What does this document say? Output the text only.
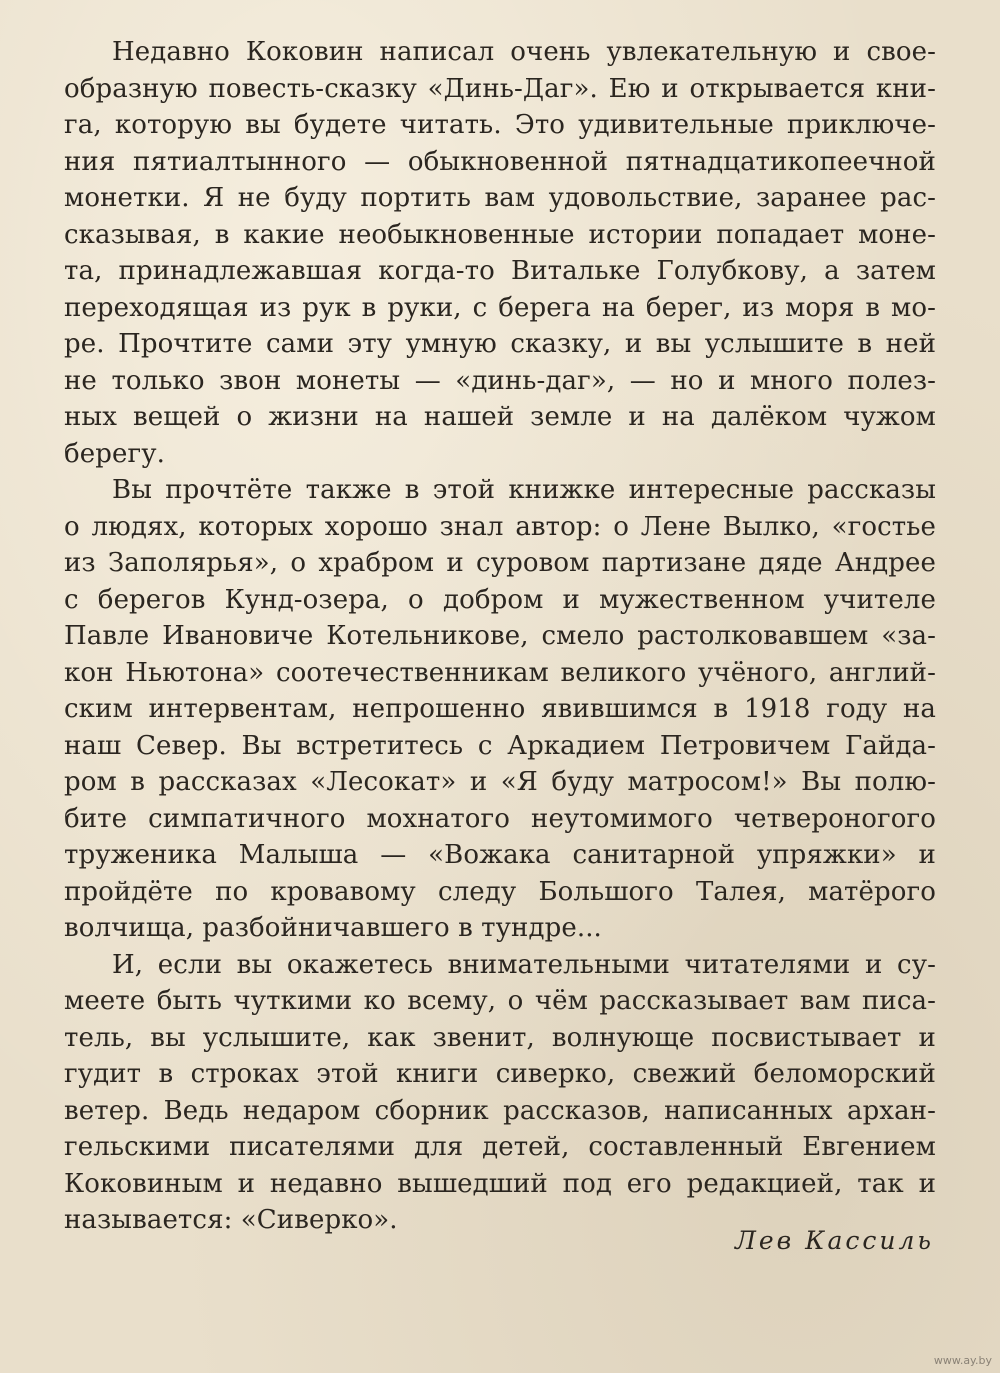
Недавно Коковин написал очень увлекательную и свое-
образную повесть-сказку «Динь-Даг». Ею и открывается кни-
га, которую вы будете читать. Это удивительные приключе-
ния пятиалтынного — обыкновенной пятнадцатикопеечной
монетки. Я не буду портить вам удовольствие, заранее рас-
сказывая, в какие необыкновенные истории попадает моне-
та, принадлежавшая когда-то Витальке Голубкову, а затем
переходящая из рук в руки, с берега на берег, из моря в мо-
ре. Прочтите сами эту умную сказку, и вы услышите в ней
не только звон монеты — «динь-даг», — но и много полез-
ных вещей о жизни на нашей земле и на далёком чужом
берегу.
Вы прочтёте также в этой книжке интересные рассказы
о людях, которых хорошо знал автор: о Лене Вылко, «гостье
из Заполярья», о храбром и суровом партизане дяде Андрее
с берегов Кунд-озера, о добром и мужественном учителе
Павле Ивановиче Котельникове, смело растолковавшем «за-
кон Ньютона» соотечественникам великого учёного, англий-
ским интервентам, непрошенно явившимся в 1918 году на
наш Север. Вы встретитесь с Аркадием Петровичем Гайда-
ром в рассказах «Лесокат» и «Я буду матросом!» Вы полю-
бите симпатичного мохнатого неутомимого четвероногого
труженика Малыша — «Вожака санитарной упряжки» и
пройдёте по кровавому следу Большого Талея, матёрого
волчища, разбойничавшего в тундре...
И, если вы окажетесь внимательными читателями и су-
меете быть чуткими ко всему, о чём рассказывает вам писа-
тель, вы услышите, как звенит, волнующе посвистывает и
гудит в строках этой книги сиверко, свежий беломорский
ветер. Ведь недаром сборник рассказов, написанных архан-
гельскими писателями для детей, составленный Евгением
Коковиным и недавно вышедший под его редакцией, так и
называется: «Сиверко».
Лев Кассиль
www.ay.by
